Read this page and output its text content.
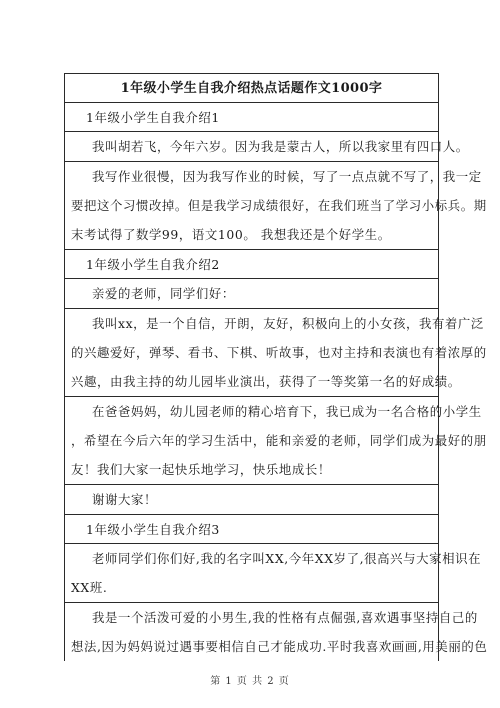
1年级小学生自我介绍热点话题作文1000字
1年级小学生自我介绍1
我叫胡若飞，今年六岁。因为我是蒙古人，所以我家里有四口人。
我写作业很慢，因为我写作业的时候，写了一点点就不写了，我一定
要把这个习惯改掉。但是我学习成绩很好，在我们班当了学习小标兵。期
末考试得了数学99，语文100。 我想我还是个好学生。
1年级小学生自我介绍2
亲爱的老师，同学们好：
我叫xx，是一个自信，开朗，友好，积极向上的小女孩，我有着广泛
的兴趣爱好，弹琴、看书、下棋、听故事，也对主持和表演也有着浓厚的
兴趣，由我主持的幼儿园毕业演出，获得了一等奖第一名的好成绩。
在爸爸妈妈，幼儿园老师的精心培育下，我已成为一名合格的小学生
，希望在今后六年的学习生活中，能和亲爱的老师，同学们成为最好的朋
友！我们大家一起快乐地学习，快乐地成长！
谢谢大家！
1年级小学生自我介绍3
老师同学们你们好,我的名字叫XX,今年XX岁了,很高兴与大家相识在
XX班.
我是一个活泼可爱的小男生,我的性格有点倔强,喜欢遇事坚持自己的
想法,因为妈妈说过遇事要相信自己才能成功.平时我喜欢画画,用美丽的色
第 1 页 共 2 页
